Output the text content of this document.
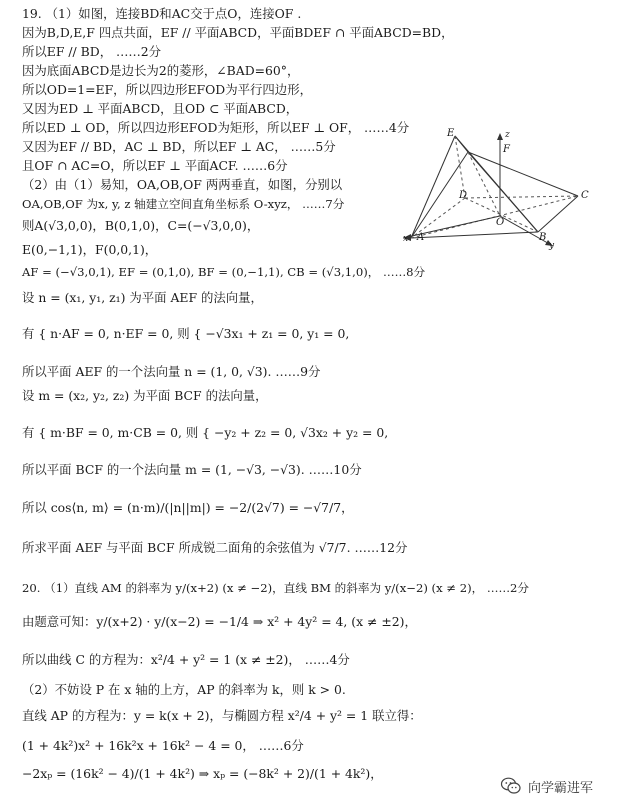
19. （1）如图，连接BD和AC交于点O，连接OF .
因为B,D,E,F 四点共面，EF // 平面ABCD，平面BDEF ∩ 平面ABCD=BD，
所以EF // BD， ……2分
因为底面ABCD是边长为2的菱形，∠BAD=60°，
所以OD=1=EF，所以四边形EFOD为平行四边形，
又因为ED ⊥ 平面ABCD，且OD ⊂ 平面ABCD，
所以ED ⊥ OD，所以四边形EFOD为矩形，所以EF ⊥ OF， ……4分
又因为EF // BD，AC ⊥ BD，所以EF ⊥ AC， ……5分
且OF ∩ AC=O，所以EF ⊥ 平面ACF. ……6分
（2）由（1）易知，OA,OB,OF 两两垂直，如图，分别以
OA,OB,OF 为x, y, z 轴建立空间直角坐标系 O-xyz， ……7分
则A(√3,0,0)，B(0,1,0)，C=(−√3,0,0)，
E(0,−1,1)，F(0,0,1)，
AF = (−√3,0,1), EF = (0,1,0), BF = (0,−1,1), CB = (√3,1,0)， ……8分
设 n = (x₁, y₁, z₁) 为平面 AEF 的法向量，
有 { n·AF = 0, n·EF = 0, 则 { −√3x₁ + z₁ = 0, y₁ = 0,
所以平面 AEF 的一个法向量 n = (1, 0, √3). ……9分
设 m = (x₂, y₂, z₂) 为平面 BCF 的法向量，
有 { m·BF = 0, m·CB = 0, 则 { −y₂ + z₂ = 0, √3x₂ + y₂ = 0,
所以平面 BCF 的一个法向量 m = (1, −√3, −√3). ……10分
所以 cos⟨n, m⟩ = (n·m)/(|n||m|) = −2/(2√7) = −√7/7，
所求平面 AEF 与平面 BCF 所成锐二面角的余弦值为 √7/7. ……12分
20. （1）直线 AM 的斜率为 y/(x+2) (x ≠ −2)，直线 BM 的斜率为 y/(x−2) (x ≠ 2)， ……2分
由题意可知：y/(x+2) · y/(x−2) = −1/4 ⇒ x² + 4y² = 4, (x ≠ ±2)，
所以曲线 C 的方程为：x²/4 + y² = 1 (x ≠ ±2)， ……4分
（2）不妨设 P 在 x 轴的上方，AP 的斜率为 k，则 k > 0.
直线 AP 的方程为：y = k(x + 2)，与椭圆方程 x²/4 + y² = 1 联立得：
(1 + 4k²)x² + 16k²x + 16k² − 4 = 0， ……6分
−2xₚ = (16k² − 4)/(1 + 4k²) ⇒ xₚ = (−8k² + 2)/(1 + 4k²)，
E
F
D
O
C
A	B
x
y
z
向学霸进军
